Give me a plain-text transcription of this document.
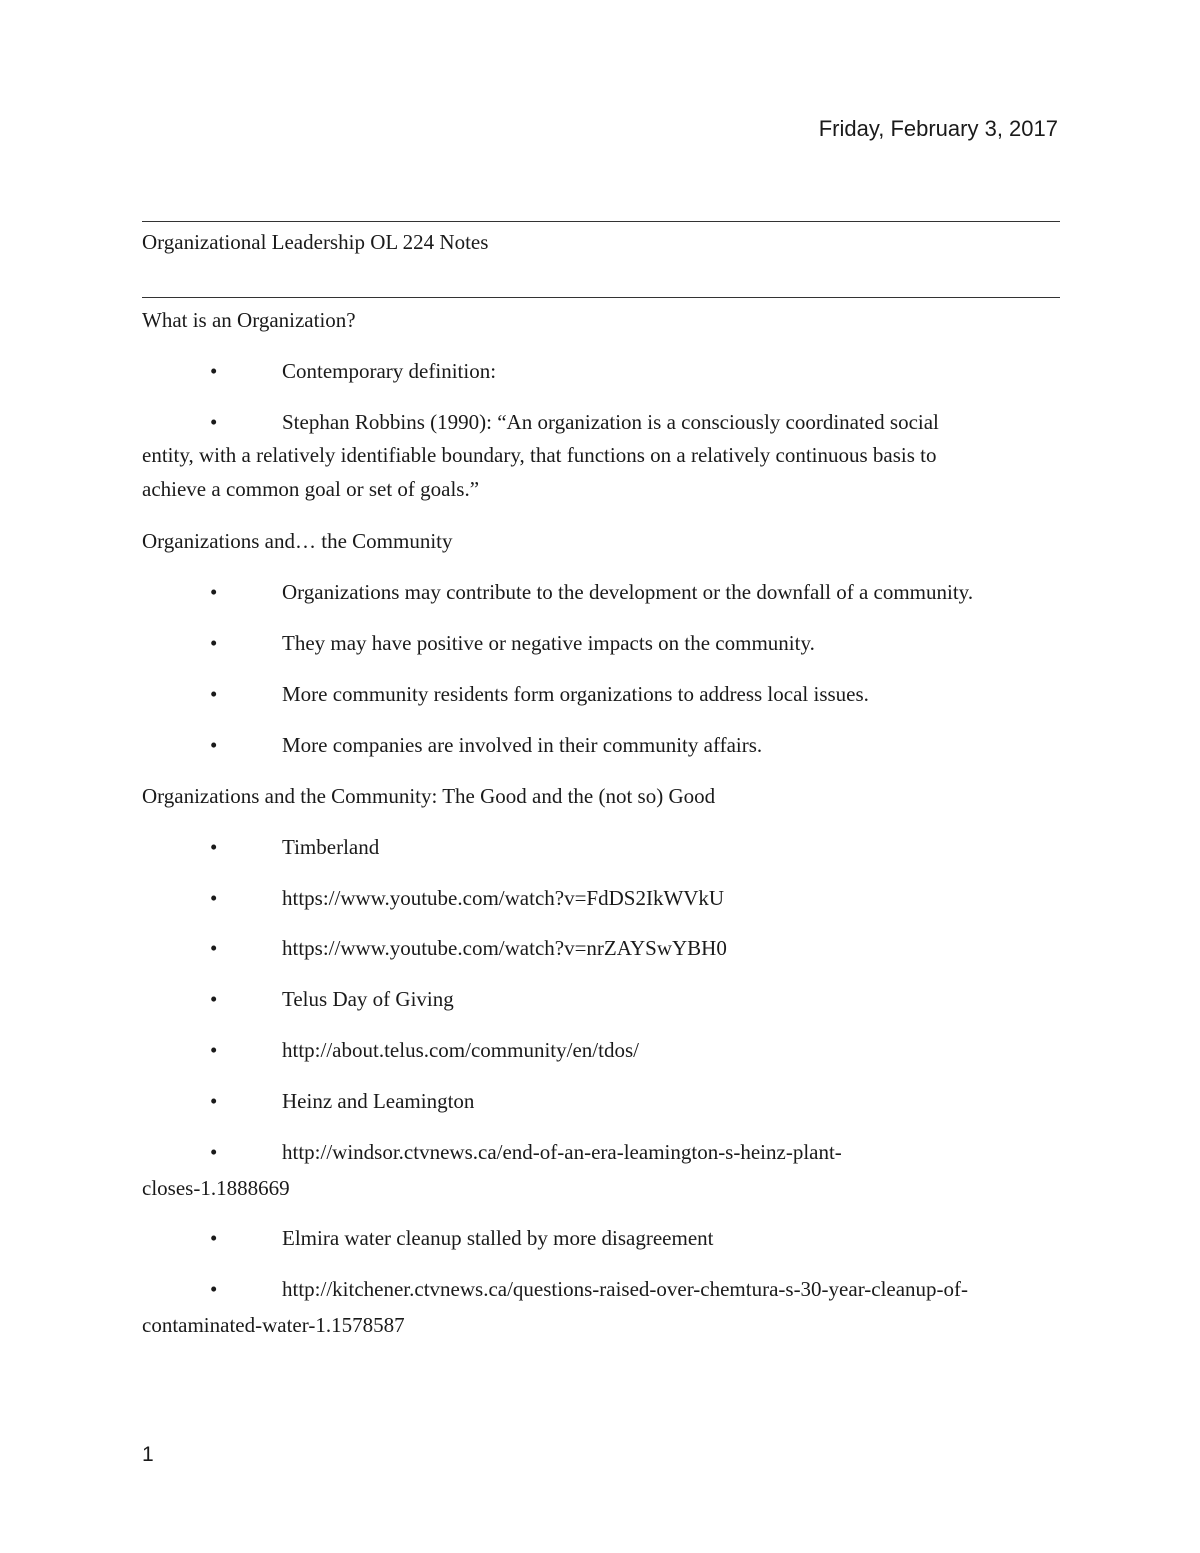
Friday, February 3, 2017
Organizational Leadership OL 224 Notes
What is an Organization?
•	Contemporary definition:
•	Stephan Robbins (1990): “An organization is a consciously coordinated social
entity, with a relatively identifiable boundary, that functions on a relatively continuous basis to
achieve a common goal or set of goals.”
Organizations and… the Community
•	Organizations may contribute to the development or the downfall of a community.
•	They may have positive or negative impacts on the community.
•	More community residents form organizations to address local issues.
•	More companies are involved in their community affairs.
Organizations and the Community: The Good and the (not so) Good
•	Timberland
•	https://www.youtube.com/watch?v=FdDS2IkWVkU
•	https://www.youtube.com/watch?v=nrZAYSwYBH0
•	Telus Day of Giving
•	http://about.telus.com/community/en/tdos/
•	Heinz and Leamington
•	http://windsor.ctvnews.ca/end-of-an-era-leamington-s-heinz-plant-
closes-1.1888669
•	Elmira water cleanup stalled by more disagreement
•	http://kitchener.ctvnews.ca/questions-raised-over-chemtura-s-30-year-cleanup-of-
contaminated-water-1.1578587
1
